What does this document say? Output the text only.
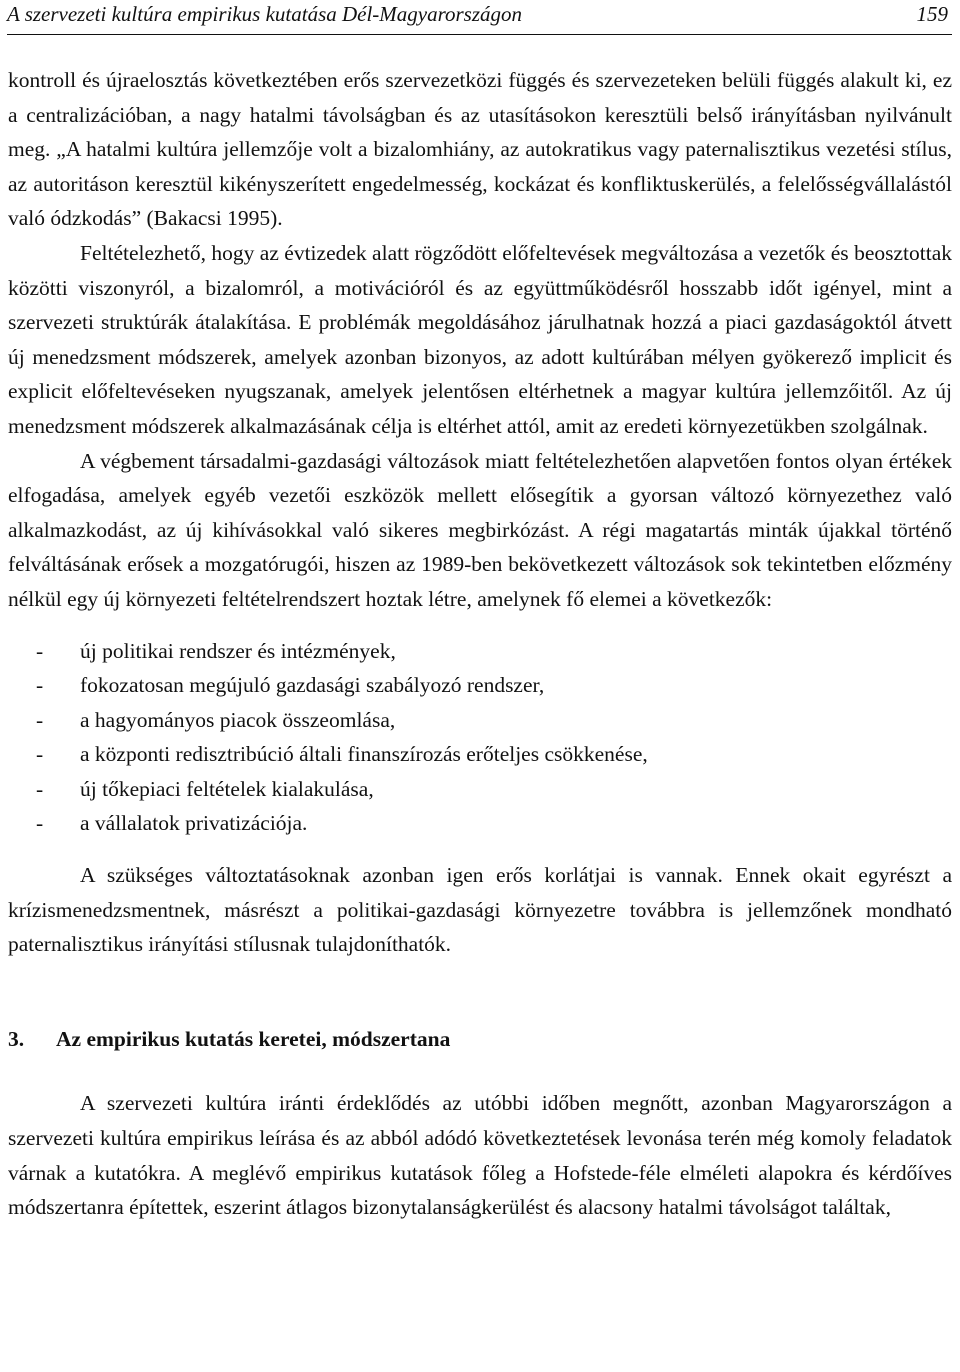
A szervezeti kultúra empirikus kutatása Dél-Magyarországon	159

kontroll és újraelosztás következtében erős szervezetközi függés és szervezeteken belüli függés alakult ki, ez a centralizációban, a nagy hatalmi távolságban és az utasításokon keresztüli belső irányításban nyilvánult meg. „A hatalmi kultúra jellemzője volt a bizalomhiány, az autokratikus vagy paternalisztikus vezetési stílus, az autoritáson keresztül kikényszerített engedelmesség, kockázat és konfliktuskerülés, a felelősségvállalástól való ódzkodás” (Bakacsi 1995).

Feltételezhető, hogy az évtizedek alatt rögződött előfeltevések megváltozása a vezetők és beosztottak közötti viszonyról, a bizalomról, a motivációról és az együttműködésről hosszabb időt igényel, mint a szervezeti struktúrák átalakítása. E problémák megoldásához járulhatnak hozzá a piaci gazdaságoktól átvett új menedzsment módszerek, amelyek azonban bizonyos, az adott kultúrában mélyen gyökerező implicit és explicit előfeltevéseken nyugszanak, amelyek jelentősen eltérhetnek a magyar kultúra jellemzőitől. Az új menedzsment módszerek alkalmazásának célja is eltérhet attól, amit az eredeti környezetükben szolgálnak.

A végbement társadalmi-gazdasági változások miatt feltételezhetően alapvetően fontos olyan értékek elfogadása, amelyek egyéb vezetői eszközök mellett elősegítik a gyorsan változó környezethez való alkalmazkodást, az új kihívásokkal való sikeres megbirkózást. A régi magatartás minták újakkal történő felváltásának erősek a mozgatórugói, hiszen az 1989-ben bekövetkezett változások sok tekintetben előzmény nélkül egy új környezeti feltételrendszert hoztak létre, amelynek fő elemei a következők:

- új politikai rendszer és intézmények,
- fokozatosan megújuló gazdasági szabályozó rendszer,
- a hagyományos piacok összeomlása,
- a központi redisztribúció általi finanszírozás erőteljes csökkenése,
- új tőkepiaci feltételek kialakulása,
- a vállalatok privatizációja.

A szükséges változtatásoknak azonban igen erős korlátjai is vannak. Ennek okait egyrészt a krízismenedzsmentnek, másrészt a politikai-gazdasági környezetre továbbra is jellemzőnek mondható paternalisztikus irányítási stílusnak tulajdoníthatók.

3. Az empirikus kutatás keretei, módszertana

A szervezeti kultúra iránti érdeklődés az utóbbi időben megnőtt, azonban Magyarországon a szervezeti kultúra empirikus leírása és az abból adódó következtetések levonása terén még komoly feladatok várnak a kutatókra. A meglévő empirikus kutatások főleg a Hofstede-féle elméleti alapokra és kérdőíves módszertanra építettek, eszerint átlagos bizonytalanságkerülést és alacsony hatalmi távolságot találtak,
